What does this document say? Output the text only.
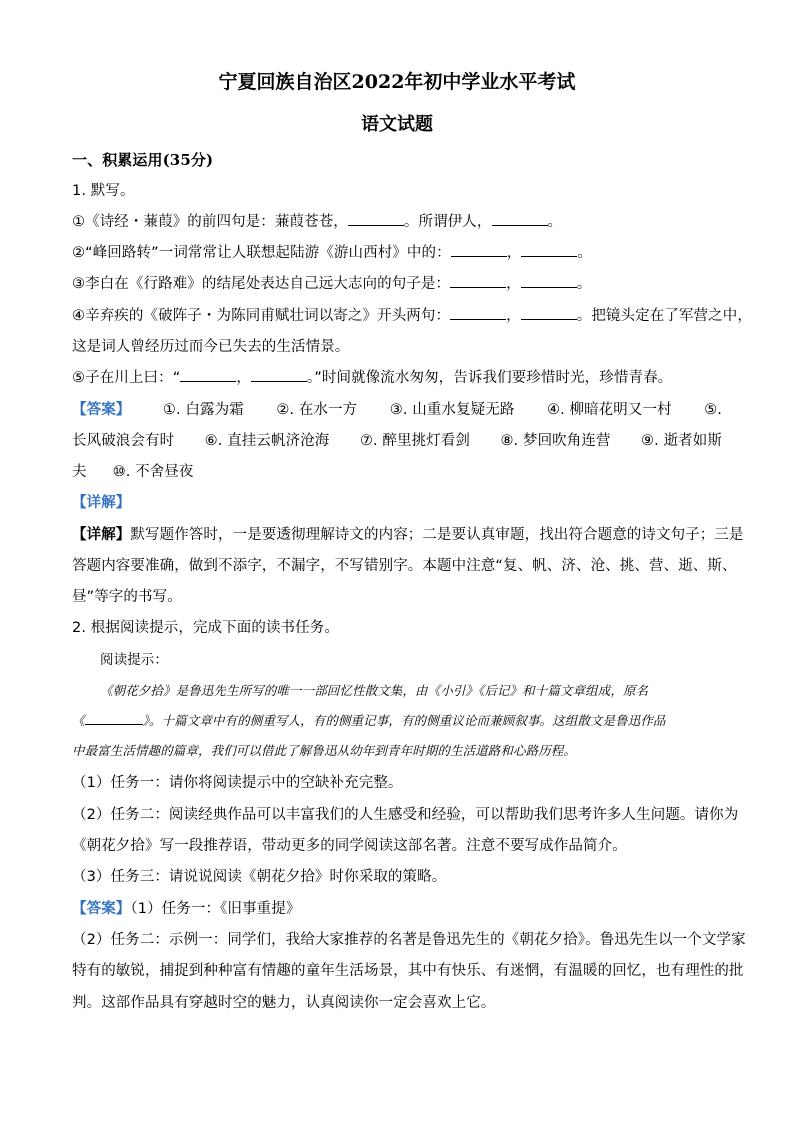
宁夏回族自治区2022年初中学业水平考试
语文试题
一、积累运用(35分)
1. 默写。
①《诗经・蒹葭》的前四句是：蒹葭苍苍，	。所谓伊人，	。
②“峰回路转”一词常常让人联想起陆游《游山西村》中的：	，	。
③李白在《行路难》的结尾处表达自己远大志向的句子是：	，	。
④辛弃疾的《破阵子・为陈同甫赋壮词以寄之》开头两句：	，	。把镜头定在了军营之中，
这是词人曾经历过而今已失去的生活情景。
⑤子在川上曰：“	，	。”时间就像流水匆匆，告诉我们要珍惜时光，珍惜青春。
【答案】 ①. 白露为霜 ②. 在水一方 ③. 山重水复疑无路 ④. 柳暗花明又一村 ⑤.
长风破浪会有时 ⑥. 直挂云帆济沧海 ⑦. 醉里挑灯看剑 ⑧. 梦回吹角连营 ⑨. 逝者如斯
夫 ⑩. 不舍昼夜
【详解】
【详解】默写题作答时，一是要透彻理解诗文的内容；二是要认真审题，找出符合题意的诗文句子；三是
答题内容要准确，做到不添字，不漏字，不写错别字。本题中注意“复、帆、济、沧、挑、营、逝、斯、
昼”等字的书写。
2. 根据阅读提示，完成下面的读书任务。
阅读提示：
《朝花夕拾》是鲁迅先生所写的唯一一部回忆性散文集，由《小引》《后记》和十篇文章组成，原名
《	》。十篇文章中有的侧重写人，有的侧重记事，有的侧重议论而兼顾叙事。这组散文是鲁迅作品
中最富生活情趣的篇章，我们可以借此了解鲁迅从幼年到青年时期的生活道路和心路历程。
（1）任务一：请你将阅读提示中的空缺补充完整。
（2）任务二：阅读经典作品可以丰富我们的人生感受和经验，可以帮助我们思考许多人生问题。请你为
《朝花夕拾》写一段推荐语，带动更多的同学阅读这部名著。注意不要写成作品简介。
（3）任务三：请说说阅读《朝花夕拾》时你采取的策略。
【答案】（1）任务一：《旧事重提》
（2）任务二：示例一：同学们，我给大家推荐的名著是鲁迅先生的《朝花夕拾》。鲁迅先生以一个文学家
特有的敏锐，捕捉到种种富有情趣的童年生活场景，其中有快乐、有迷惘，有温暖的回忆，也有理性的批
判。这部作品具有穿越时空的魅力，认真阅读你一定会喜欢上它。
